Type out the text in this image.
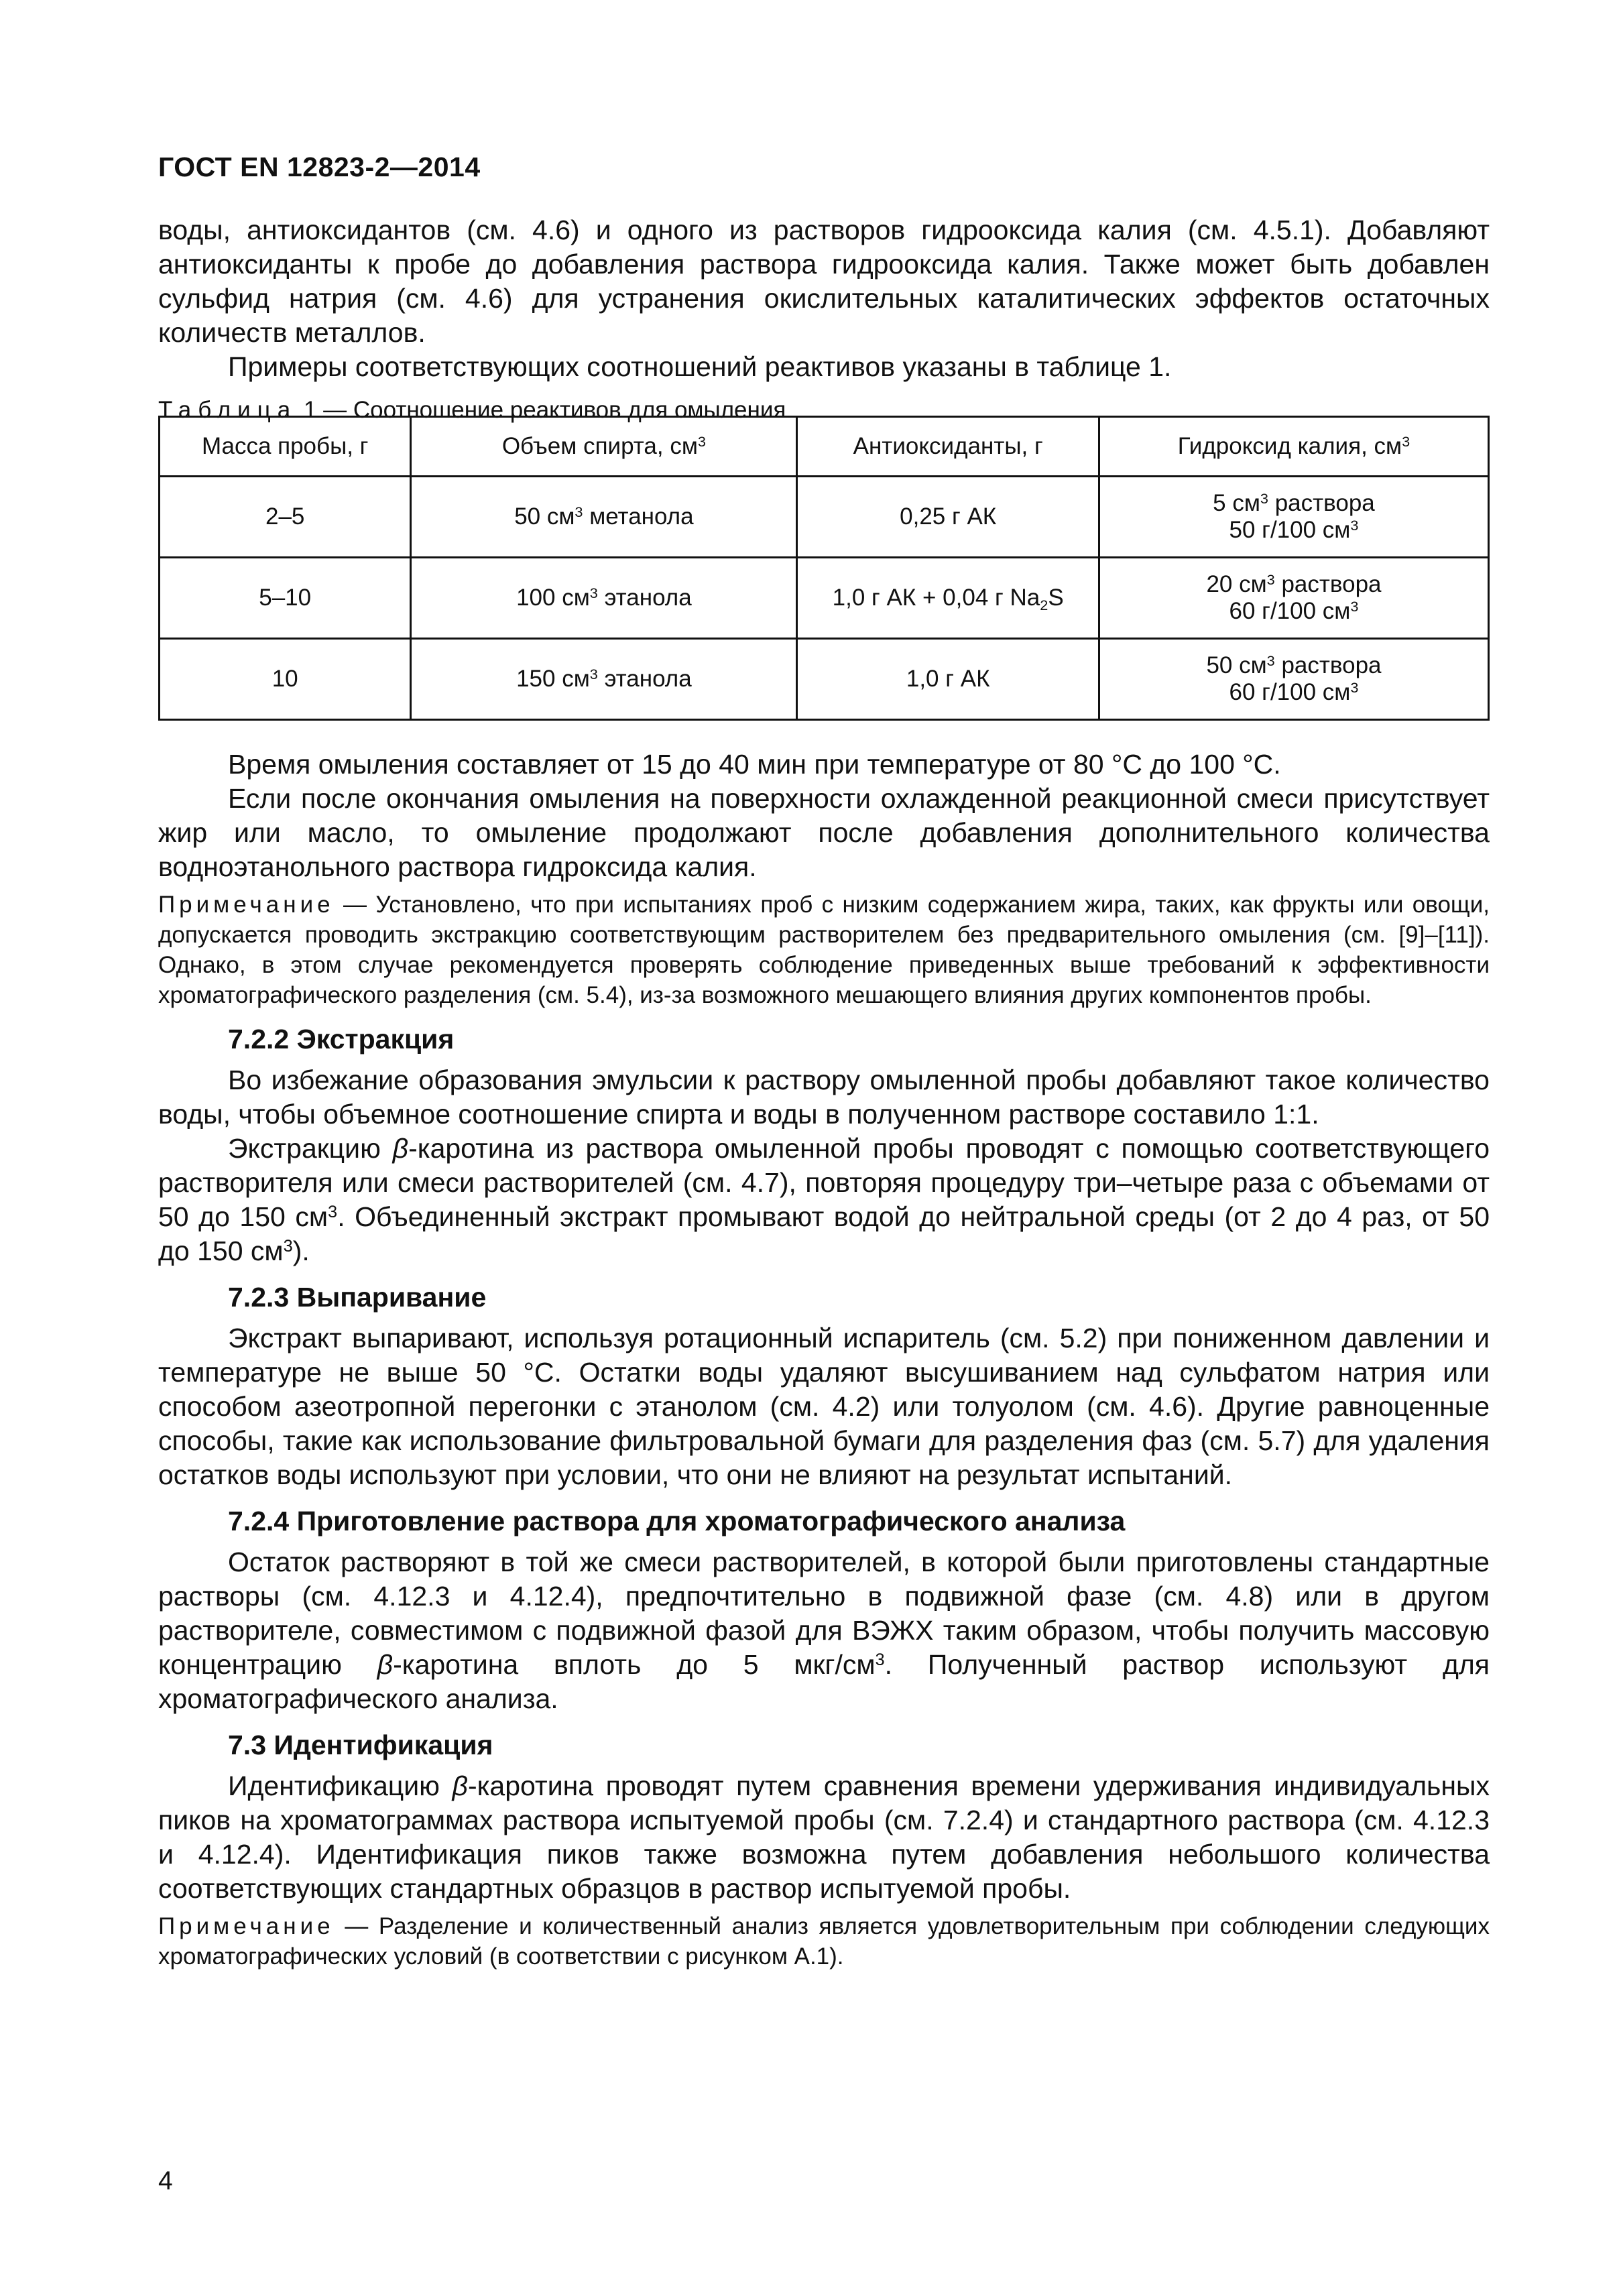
ГОСТ EN 12823-2—2014

воды, антиоксидантов (см. 4.6) и одного из растворов гидрооксида калия (см. 4.5.1). Добавляют антиоксиданты к пробе до добавления раствора гидрооксида калия. Также может быть добавлен сульфид натрия (см. 4.6) для устранения окислительных каталитических эффектов остаточных количеств металлов.

Примеры соответствующих соотношений реактивов указаны в таблице 1.

Таблица 1 — Соотношение реактивов для омыления

Масса пробы, г	Объем спирта, $см^3$	Антиоксиданты, г	Гидроксид калия, $см^3$
2–5	50 $см^3$ метанола	0,25 г АК	5 $см^3$ раствора
50 г/100 $см^3$
5–10	100 $см^3$ этанола	1,0 г АК + 0,04 г $Na_2S$	20 $см^3$ раствора
60 г/100 $см^3$
10	150 $см^3$ этанола	1,0 г АК	50 $см^3$ раствора
60 г/100 $см^3$

Время омыления составляет от 15 до 40 мин при температуре от 80 °C до 100 °C.

Если после окончания омыления на поверхности охлажденной реакционной смеси присутствует жир или масло, то омыление продолжают после добавления дополнительного количества водноэтанольного раствора гидроксида калия.

Примечание — Установлено, что при испытаниях проб с низким содержанием жира, таких, как фрукты или овощи, допускается проводить экстракцию соответствующим растворителем без предварительного омыления (см. [9]–[11]). Однако, в этом случае рекомендуется проверять соблюдение приведенных выше требований к эффективности хроматографического разделения (см. 5.4), из-за возможного мешающего влияния других компонентов пробы.

7.2.2 Экстракция

Во избежание образования эмульсии к раствору омыленной пробы добавляют такое количество воды, чтобы объемное соотношение спирта и воды в полученном растворе составило 1:1.

Экстракцию β-каротина из раствора омыленной пробы проводят с помощью соответствующего растворителя или смеси растворителей (см. 4.7), повторяя процедуру три–четыре раза с объемами от 50 до 150 $см^3$. Объединенный экстракт промывают водой до нейтральной среды (от 2 до 4 раз, от 50 до 150 $см^3$).

7.2.3 Выпаривание

Экстракт выпаривают, используя ротационный испаритель (см. 5.2) при пониженном давлении и температуре не выше 50 °C. Остатки воды удаляют высушиванием над сульфатом натрия или способом азеотропной перегонки с этанолом (см. 4.2) или толуолом (см. 4.6). Другие равноценные способы, такие как использование фильтровальной бумаги для разделения фаз (см. 5.7) для удаления остатков воды используют при условии, что они не влияют на результат испытаний.

7.2.4 Приготовление раствора для хроматографического анализа

Остаток растворяют в той же смеси растворителей, в которой были приготовлены стандартные растворы (см. 4.12.3 и 4.12.4), предпочтительно в подвижной фазе (см. 4.8) или в другом растворителе, совместимом с подвижной фазой для ВЭЖХ таким образом, чтобы получить массовую концентрацию β-каротина вплоть до 5 мкг/$см^3$. Полученный раствор используют для хроматографического анализа.

7.3 Идентификация

Идентификацию β-каротина проводят путем сравнения времени удерживания индивидуальных пиков на хроматограммах раствора испытуемой пробы (см. 7.2.4) и стандартного раствора (см. 4.12.3 и 4.12.4). Идентификация пиков также возможна путем добавления небольшого количества соответствующих стандартных образцов в раствор испытуемой пробы.

Примечание — Разделение и количественный анализ является удовлетворительным при соблюдении следующих хроматографических условий (в соответствии с рисунком А.1).

4
